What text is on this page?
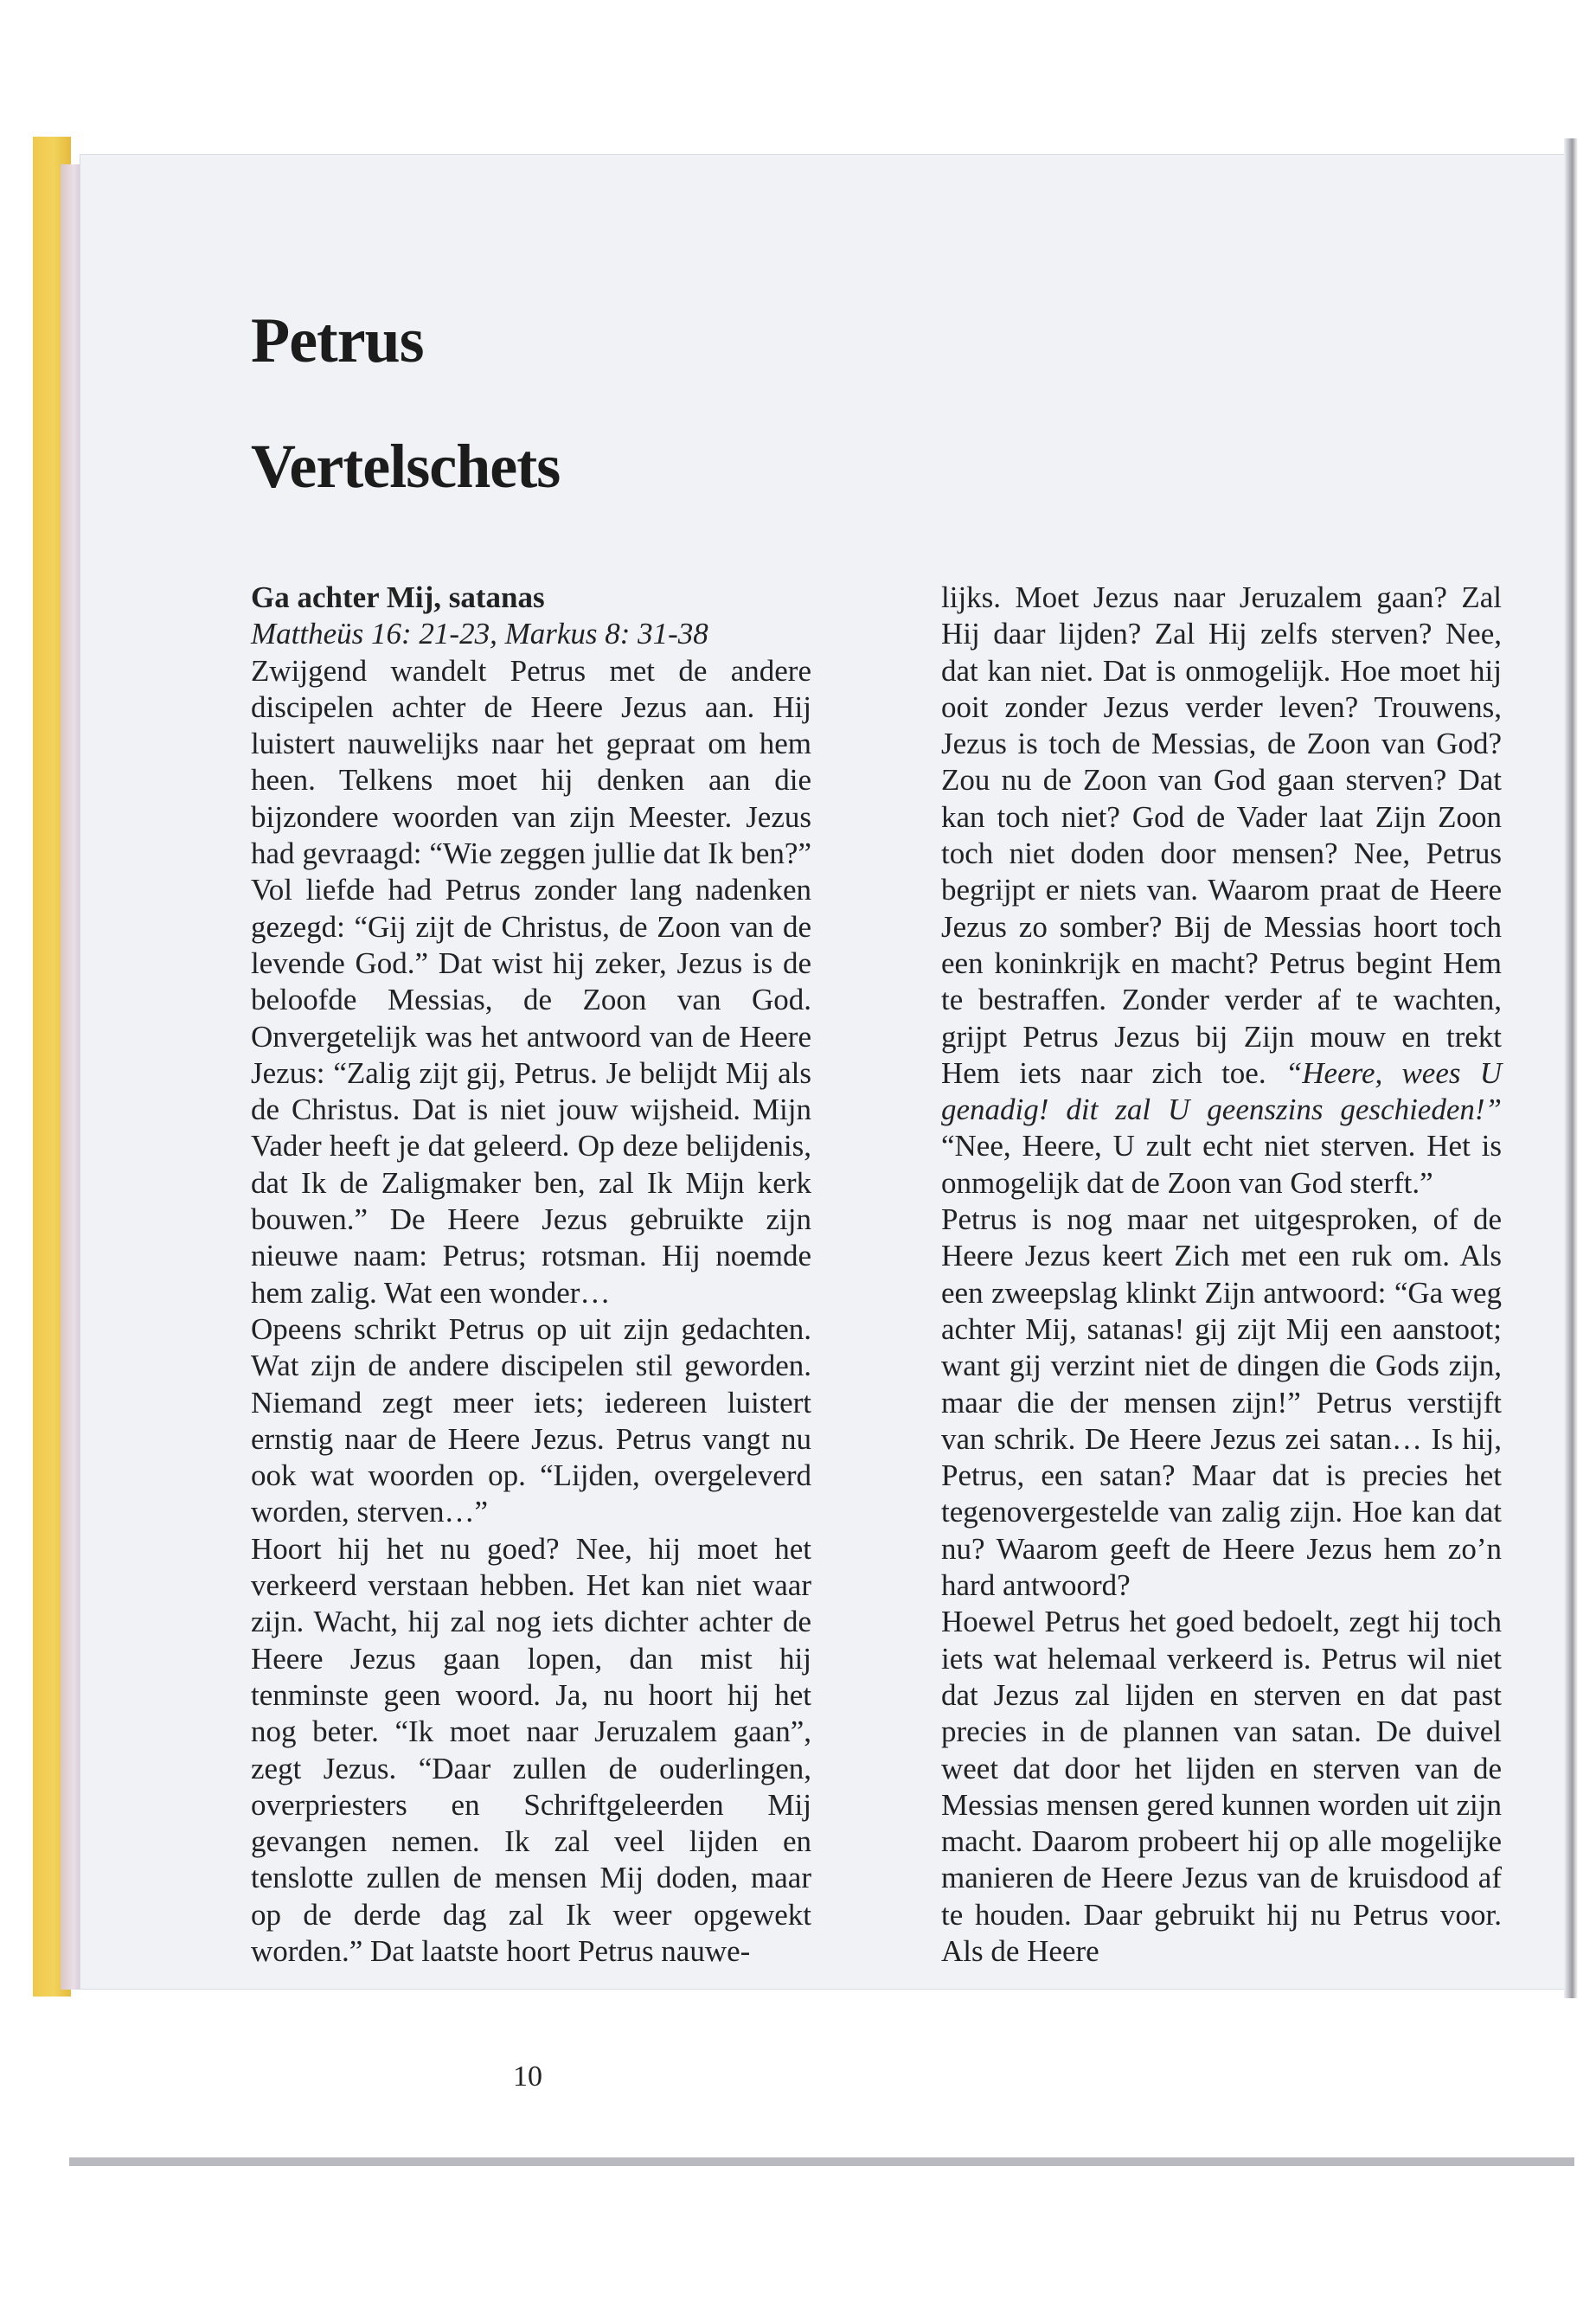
Petrus
Vertelschets

Ga achter Mij, satanas

Mattheüs 16: 21-23, Markus 8: 31-38

Zwijgend wandelt Petrus met de andere discipelen achter de Heere Jezus aan. Hij luistert nauwelijks naar het gepraat om hem heen. Telkens moet hij denken aan die bijzondere woorden van zijn Meester. Jezus had gevraagd: “Wie zeggen jullie dat Ik ben?” Vol liefde had Petrus zonder lang nadenken gezegd: “Gij zijt de Christus, de Zoon van de levende God.” Dat wist hij zeker, Jezus is de beloofde Messias, de Zoon van God. Onvergetelijk was het antwoord van de Heere Jezus: “Zalig zijt gij, Petrus. Je belijdt Mij als de Christus. Dat is niet jouw wijsheid. Mijn Vader heeft je dat geleerd. Op deze belijdenis, dat Ik de Zaligmaker ben, zal Ik Mijn kerk bouwen.” De Heere Jezus gebruikte zijn nieuwe naam: Petrus; rotsman. Hij noemde hem zalig. Wat een wonder…

Opeens schrikt Petrus op uit zijn gedachten. Wat zijn de andere discipelen stil geworden. Niemand zegt meer iets; iedereen luistert ernstig naar de Heere Jezus. Petrus vangt nu ook wat woorden op. “Lijden, overgeleverd worden, sterven…”

Hoort hij het nu goed? Nee, hij moet het verkeerd verstaan hebben. Het kan niet waar zijn. Wacht, hij zal nog iets dichter achter de Heere Jezus gaan lopen, dan mist hij tenminste geen woord. Ja, nu hoort hij het nog beter. “Ik moet naar Jeruzalem gaan”, zegt Jezus. “Daar zullen de ouderlingen, overpriesters en Schriftgeleerden Mij gevangen nemen. Ik zal veel lijden en tenslotte zullen de mensen Mij doden, maar op de derde dag zal Ik weer opgewekt worden.” Dat laatste hoort Petrus nauwe-

lijks. Moet Jezus naar Jeruzalem gaan? Zal Hij daar lijden? Zal Hij zelfs sterven? Nee, dat kan niet. Dat is onmogelijk. Hoe moet hij ooit zonder Jezus verder leven? Trouwens, Jezus is toch de Messias, de Zoon van God? Zou nu de Zoon van God gaan sterven? Dat kan toch niet? God de Vader laat Zijn Zoon toch niet doden door mensen? Nee, Petrus begrijpt er niets van. Waarom praat de Heere Jezus zo somber? Bij de Messias hoort toch een koninkrijk en macht? Petrus begint Hem te bestraffen. Zonder verder af te wachten, grijpt Petrus Jezus bij Zijn mouw en trekt Hem iets naar zich toe. “Heere, wees U genadig! dit zal U geenszins geschieden!” “Nee, Heere, U zult echt niet sterven. Het is onmogelijk dat de Zoon van God sterft.”

Petrus is nog maar net uitgesproken, of de Heere Jezus keert Zich met een ruk om. Als een zweepslag klinkt Zijn antwoord: “Ga weg achter Mij, satanas! gij zijt Mij een aanstoot; want gij verzint niet de dingen die Gods zijn, maar die der mensen zijn!” Petrus verstijft van schrik. De Heere Jezus zei satan… Is hij, Petrus, een satan? Maar dat is precies het tegenovergestelde van zalig zijn. Hoe kan dat nu? Waarom geeft de Heere Jezus hem zo’n hard antwoord?

Hoewel Petrus het goed bedoelt, zegt hij toch iets wat helemaal verkeerd is. Petrus wil niet dat Jezus zal lijden en sterven en dat past precies in de plannen van satan. De duivel weet dat door het lijden en sterven van de Messias mensen gered kunnen worden uit zijn macht. Daarom probeert hij op alle mogelijke manieren de Heere Jezus van de kruisdood af te houden. Daar gebruikt hij nu Petrus voor. Als de Heere

10
